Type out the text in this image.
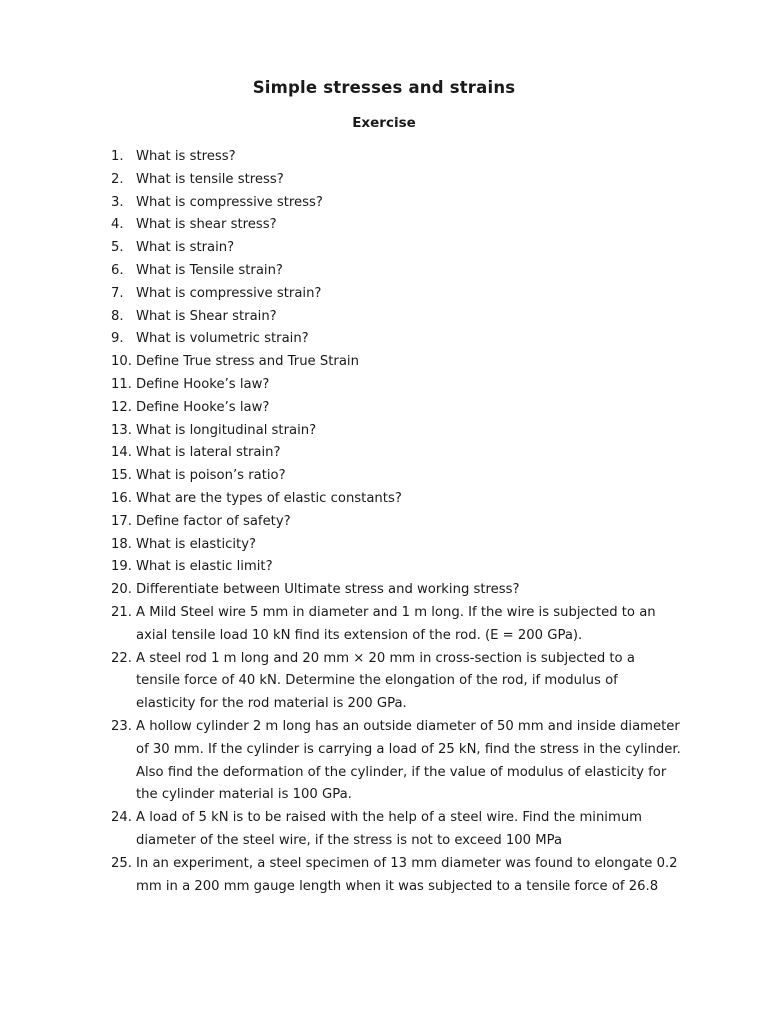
Simple stresses and strains
Exercise
1. What is stress?
2. What is tensile stress?
3. What is compressive stress?
4. What is shear stress?
5. What is strain?
6. What is Tensile strain?
7. What is compressive strain?
8. What is Shear strain?
9. What is volumetric strain?
10. Define True stress and True Strain
11. Define Hooke’s law?
12. Define Hooke’s law?
13. What is longitudinal strain?
14. What is lateral strain?
15. What is poison’s ratio?
16. What are the types of elastic constants?
17. Define factor of safety?
18. What is elasticity?
19. What is elastic limit?
20. Differentiate between Ultimate stress and working stress?
21. A Mild Steel wire 5 mm in diameter and 1 m long. If the wire is subjected to an axial tensile load 10 kN find its extension of the rod. (E = 200 GPa).
22. A steel rod 1 m long and 20 mm × 20 mm in cross-section is subjected to a tensile force of 40 kN. Determine the elongation of the rod, if modulus of elasticity for the rod material is 200 GPa.
23. A hollow cylinder 2 m long has an outside diameter of 50 mm and inside diameter of 30 mm. If the cylinder is carrying a load of 25 kN, find the stress in the cylinder. Also find the deformation of the cylinder, if the value of modulus of elasticity for the cylinder material is 100 GPa.
24. A load of 5 kN is to be raised with the help of a steel wire. Find the minimum diameter of the steel wire, if the stress is not to exceed 100 MPa
25. In an experiment, a steel specimen of 13 mm diameter was found to elongate 0.2 mm in a 200 mm gauge length when it was subjected to a tensile force of 26.8
